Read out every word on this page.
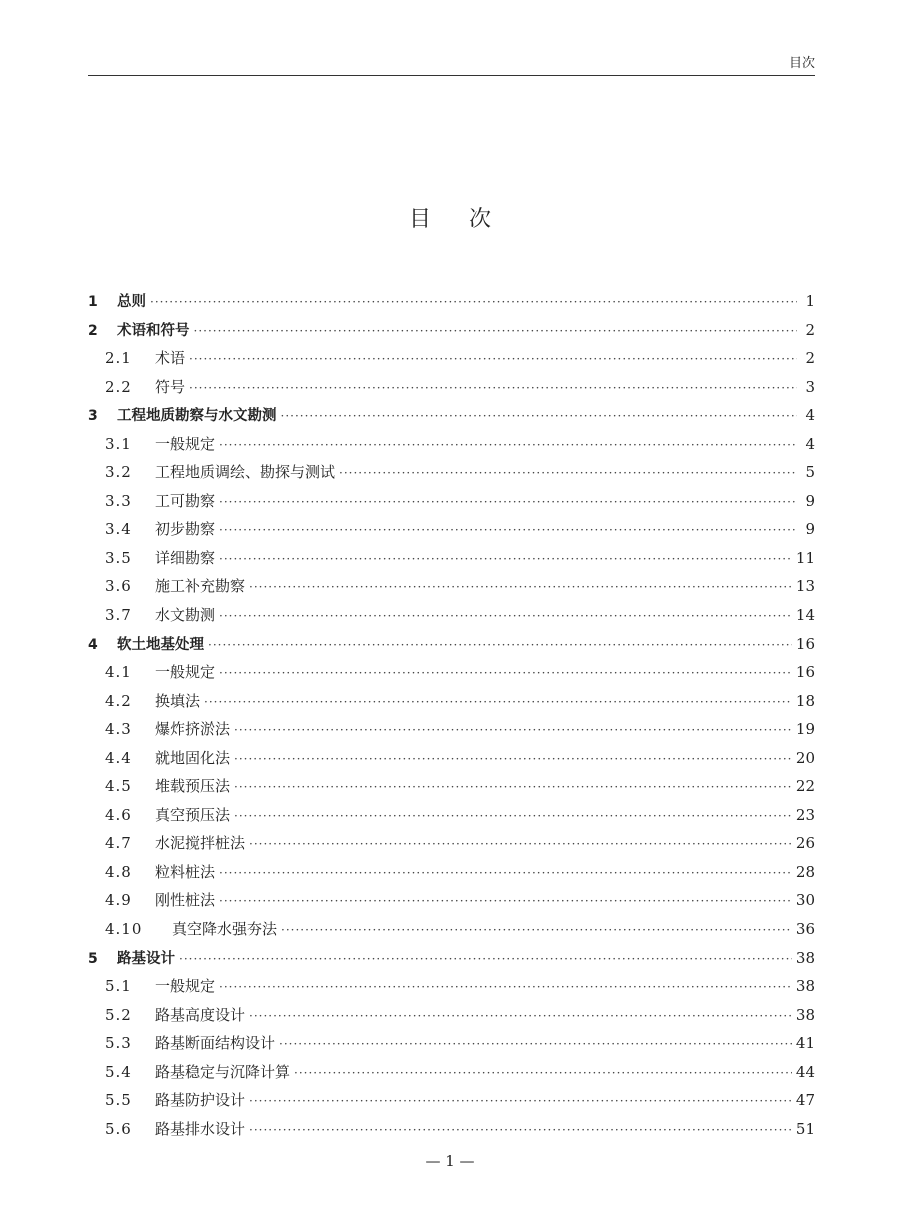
目次
目次
1	总则 ·····	1
2	术语和符号 ·····	2
2.1	术语 ·····	2
2.2	符号 ·····	3
3	工程地质勘察与水文勘测 ·····	4
3.1	一般规定 ·····	4
3.2	工程地质调绘、勘探与测试 ·····	5
3.3	工可勘察 ·····	9
3.4	初步勘察 ·····	9
3.5	详细勘察 ·····	11
3.6	施工补充勘察 ·····	13
3.7	水文勘测 ·····	14
4	软土地基处理 ·····	16
4.1	一般规定 ·····	16
4.2	换填法 ·····	18
4.3	爆炸挤淤法 ·····	19
4.4	就地固化法 ·····	20
4.5	堆载预压法 ·····	22
4.6	真空预压法 ·····	23
4.7	水泥搅拌桩法 ·····	26
4.8	粒料桩法 ·····	28
4.9	刚性桩法 ·····	30
4.10	真空降水强夯法 ·····	36
5	路基设计 ·····	38
5.1	一般规定 ·····	38
5.2	路基高度设计 ·····	38
5.3	路基断面结构设计 ·····	41
5.4	路基稳定与沉降计算 ·····	44
5.5	路基防护设计 ·····	47
5.6	路基排水设计 ·····	51
— 1 —
